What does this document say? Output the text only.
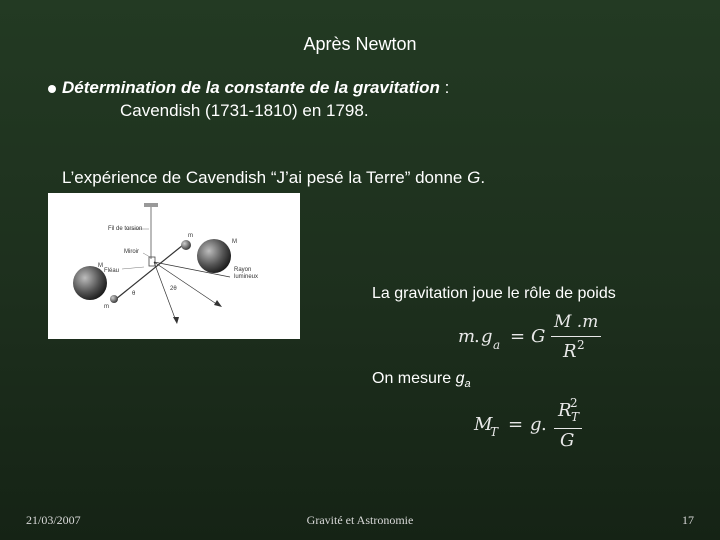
Après Newton
Détermination de la constante de la gravitation :
Cavendish (1731-1810) en 1798.
L’expérience de Cavendish “J’ai pesé la Terre” donne G.
Fil de torsion
Miroir
Fléau
M
m
m
M
Rayon
lumineux
2θ
θ	La gravitation joue le rôle de poids
m
. g a = G
M .m
R 2
On mesure $g_a$
M
T = g .
R
2
T
G
21/03/2007	Gravité et Astronomie	17
